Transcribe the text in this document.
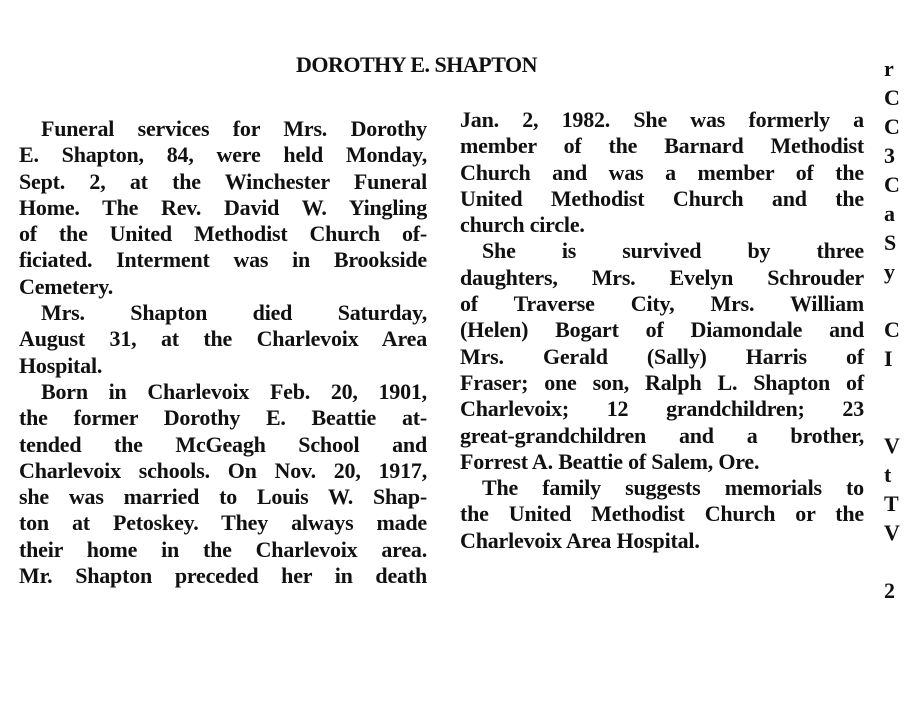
DOROTHY E. SHAPTON
Funeral services for Mrs. Dorothy
E. Shapton, 84, were held Monday,
Sept. 2, at the Winchester Funeral
Home. The Rev. David W. Yingling
of the United Methodist Church of-
ficiated. Interment was in Brookside
Cemetery.
Mrs. Shapton died Saturday,
August 31, at the Charlevoix Area
Hospital.
Born in Charlevoix Feb. 20, 1901,
the former Dorothy E. Beattie at-
tended the McGeagh School and
Charlevoix schools. On Nov. 20, 1917,
she was married to Louis W. Shap-
ton at Petoskey. They always made
their home in the Charlevoix area.
Mr. Shapton preceded her in death
Jan. 2, 1982. She was formerly a
member of the Barnard Methodist
Church and was a member of the
United Methodist Church and the
church circle.
She is survived by three
daughters, Mrs. Evelyn Schrouder
of Traverse City, Mrs. William
(Helen) Bogart of Diamondale and
Mrs. Gerald (Sally) Harris of
Fraser; one son, Ralph L. Shapton of
Charlevoix; 12 grandchildren; 23
great-grandchildren and a brother,
Forrest A. Beattie of Salem, Ore.
The family suggests memorials to
the United Methodist Church or the
Charlevoix Area Hospital.
r
C
C
3
C
a
S
y
C
I
V
t
T
V
2
